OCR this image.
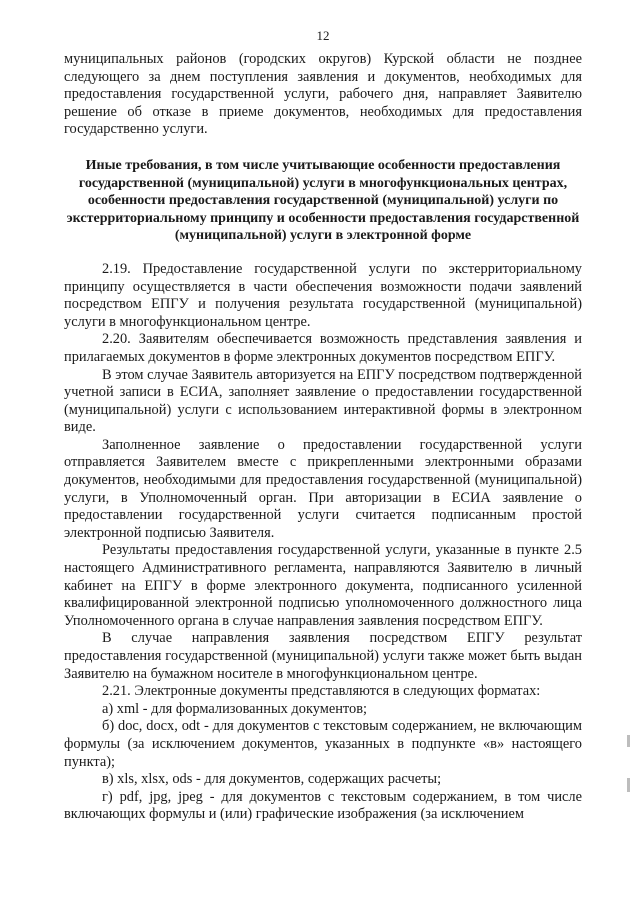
12

муниципальных районов (городских округов) Курской области не позднее следующего за днем поступления заявления и документов, необходимых для предоставления государственной услуги, рабочего дня, направляет Заявителю решение об отказе в приеме документов, необходимых для предоставления государственно услуги.

Иные требования, в том числе учитывающие особенности предоставления государственной (муниципальной) услуги в многофункциональных центрах, особенности предоставления государственной (муниципальной) услуги по экстерриториальному принципу и особенности предоставления государственной (муниципальной) услуги в электронной форме

2.19. Предоставление государственной услуги по экстерриториальному принципу осуществляется в части обеспечения возможности подачи заявлений посредством ЕПГУ и получения результата государственной (муниципальной) услуги в многофункциональном центре.

2.20. Заявителям обеспечивается возможность представления заявления и прилагаемых документов в форме электронных документов посредством ЕПГУ.

В этом случае Заявитель авторизуется на ЕПГУ посредством подтвержденной учетной записи в ЕСИА, заполняет заявление о предоставлении государственной (муниципальной) услуги с использованием интерактивной формы в электронном виде.

Заполненное заявление о предоставлении государственной услуги отправляется Заявителем вместе с прикрепленными электронными образами документов, необходимыми для предоставления государственной (муниципальной) услуги, в Уполномоченный орган. При авторизации в ЕСИА заявление о предоставлении государственной услуги считается подписанным простой электронной подписью Заявителя.

Результаты предоставления государственной услуги, указанные в пункте 2.5 настоящего Административного регламента, направляются Заявителю в личный кабинет на ЕПГУ в форме электронного документа, подписанного усиленной квалифицированной электронной подписью уполномоченного должностного лица Уполномоченного органа в случае направления заявления посредством ЕПГУ.

В случае направления заявления посредством ЕПГУ результат предоставления государственной (муниципальной) услуги также может быть выдан Заявителю на бумажном носителе в многофункциональном центре.

2.21. Электронные документы представляются в следующих форматах:

а) xml - для формализованных документов;

б) doc, docx, odt - для документов с текстовым содержанием, не включающим формулы (за исключением документов, указанных в подпункте «в» настоящего пункта);

в) xls, xlsx, ods - для документов, содержащих расчеты;

г) pdf, jpg, jpeg - для документов с текстовым содержанием, в том числе включающих формулы и (или) графические изображения (за исключением
